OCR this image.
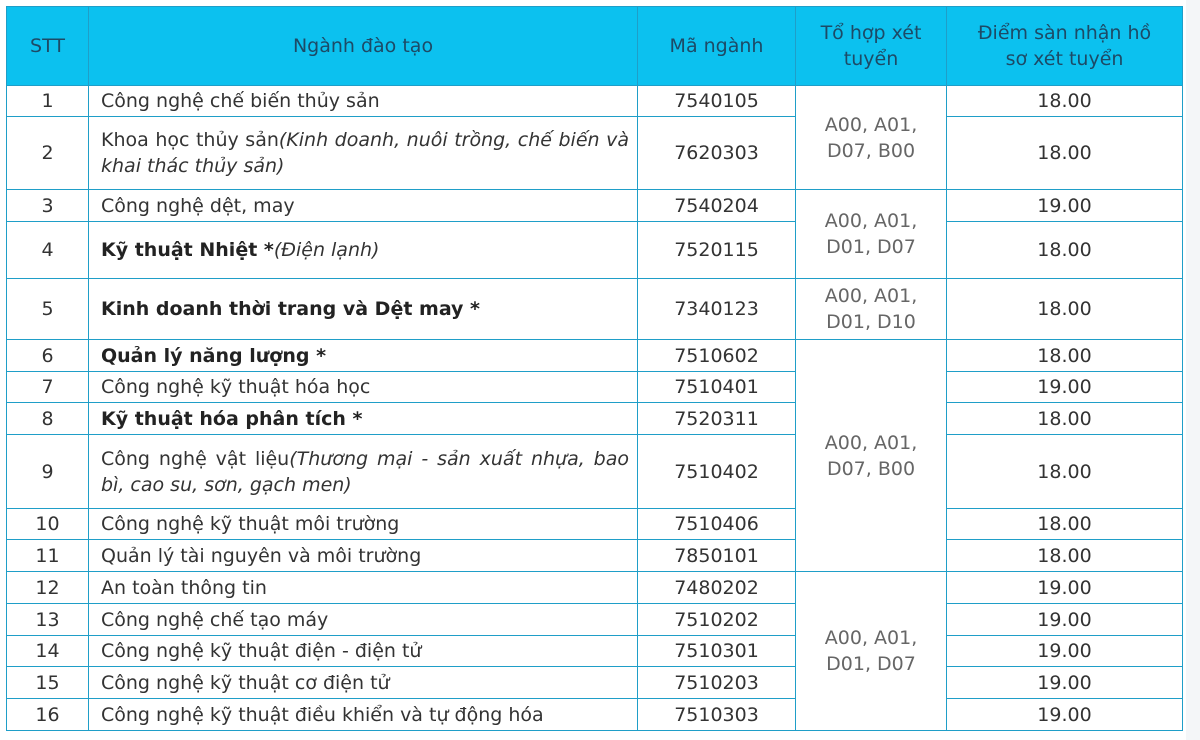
STT	Ngành đào tạo	Mã ngành	Tổ hợp xét tuyển	Điểm sàn nhận hồ sơ xét tuyển

1	Công nghệ chế biến thủy sản	7540105	A00, A01, D07, B00	18.00
2	Khoa học thủy sản(Kinh doanh, nuôi trồng, chế biến và khai thác thủy sản)	7620303		18.00
3	Công nghệ dệt, may	7540204	A00, A01, D01, D07	19.00
4	Kỹ thuật Nhiệt *(Điện lạnh)	7520115		18.00
5	Kinh doanh thời trang và Dệt may *	7340123	A00, A01, D01, D10	18.00
6	Quản lý năng lượng *	7510602	A00, A01, D07, B00	18.00
7	Công nghệ kỹ thuật hóa học	7510401		19.00
8	Kỹ thuật hóa phân tích *	7520311		18.00
9	Công nghệ vật liệu(Thương mại - sản xuất nhựa, bao bì, cao su, sơn, gạch men)	7510402		18.00
10	Công nghệ kỹ thuật môi trường	7510406		18.00
11	Quản lý tài nguyên và môi trường	7850101		18.00
12	An toàn thông tin	7480202	A00, A01, D01, D07	19.00
13	Công nghệ chế tạo máy	7510202		19.00
14	Công nghệ kỹ thuật điện - điện tử	7510301		19.00
15	Công nghệ kỹ thuật cơ điện tử	7510203		19.00
16	Công nghệ kỹ thuật điều khiển và tự động hóa	7510303		19.00
